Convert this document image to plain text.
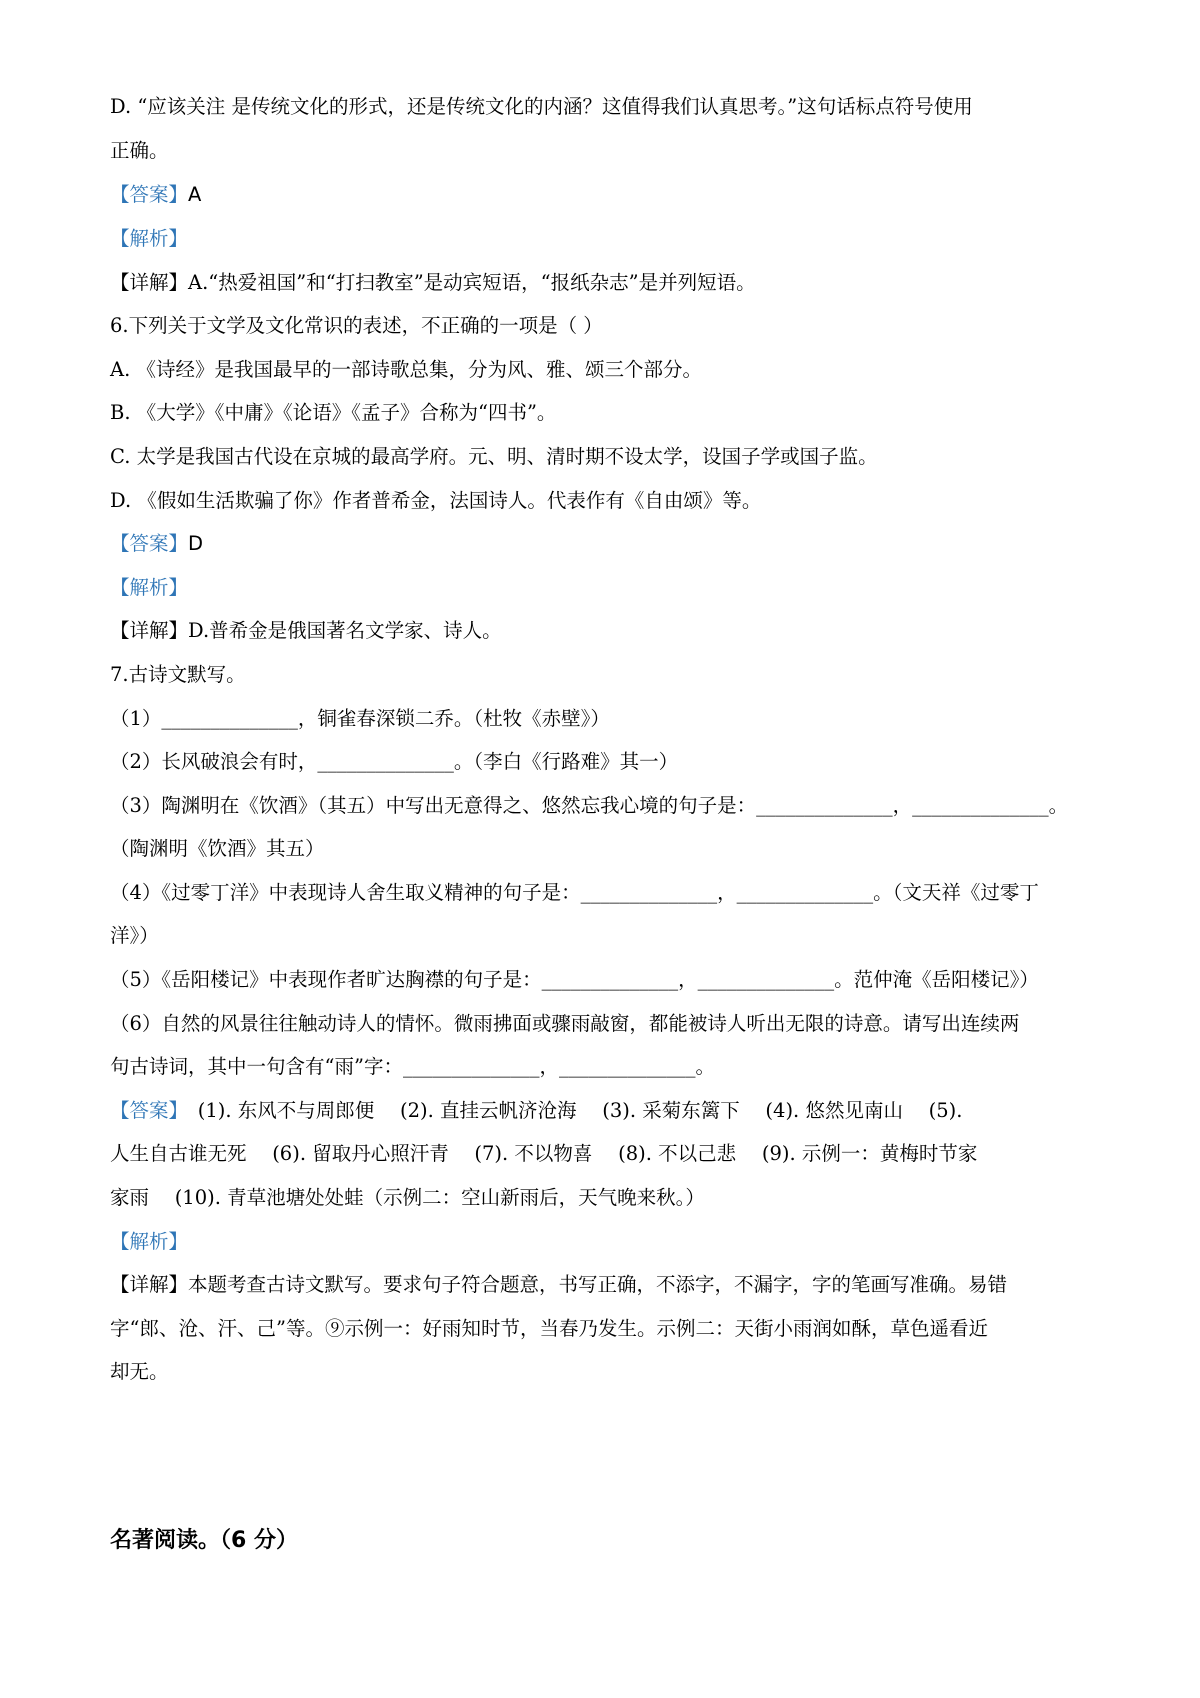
D. “应该关注 是传统文化的形式，还是传统文化的内涵？这值得我们认真思考。”这句话标点符号使用
正确。
【答案】A
【解析】
【详解】A.“热爱祖国”和“打扫教室”是动宾短语，“报纸杂志”是并列短语。
6.下列关于文学及文化常识的表述，不正确的一项是（ ）
A. 《诗经》是我国最早的一部诗歌总集，分为风、雅、颂三个部分。
B. 《大学》《中庸》《论语》《孟子》合称为“四书”。
C. 太学是我国古代设在京城的最高学府。元、明、清时期不设太学，设国子学或国子监。
D. 《假如生活欺骗了你》作者普希金，法国诗人。代表作有《自由颂》等。
【答案】D
【解析】
【详解】D.普希金是俄国著名文学家、诗人。
7.古诗文默写。
（1）______________，铜雀春深锁二乔。（杜牧《赤壁》）
（2）长风破浪会有时，______________。（李白《行路难》其一）
（3）陶渊明在《饮酒》（其五）中写出无意得之、悠然忘我心境的句子是：______________，______________。
（陶渊明《饮酒》其五）
（4）《过零丁洋》中表现诗人舍生取义精神的句子是：______________，______________。（文天祥《过零丁
洋》）
（5）《岳阳楼记》中表现作者旷达胸襟的句子是：______________，______________。范仲淹《岳阳楼记》）
（6）自然的风景往往触动诗人的情怀。微雨拂面或骤雨敲窗，都能被诗人听出无限的诗意。请写出连续两
句古诗词，其中一句含有“雨”字：______________，______________。
【答案】　 (1). 东风不与周郎便　 (2). 直挂云帆济沧海　 (3). 采菊东篱下　 (4). 悠然见南山　 (5).
人生自古谁无死　 (6). 留取丹心照汗青　 (7). 不以物喜　 (8). 不以己悲　 (9). 示例一：黄梅时节家
家雨　 (10). 青草池塘处处蛙（示例二：空山新雨后，天气晚来秋。）
【解析】
【详解】本题考查古诗文默写。要求句子符合题意，书写正确，不添字，不漏字，字的笔画写准确。易错
字“郎、沧、汗、己”等。⑨示例一：好雨知时节，当春乃发生。示例二：天街小雨润如酥，草色遥看近
却无。
名著阅读。（6 分）
